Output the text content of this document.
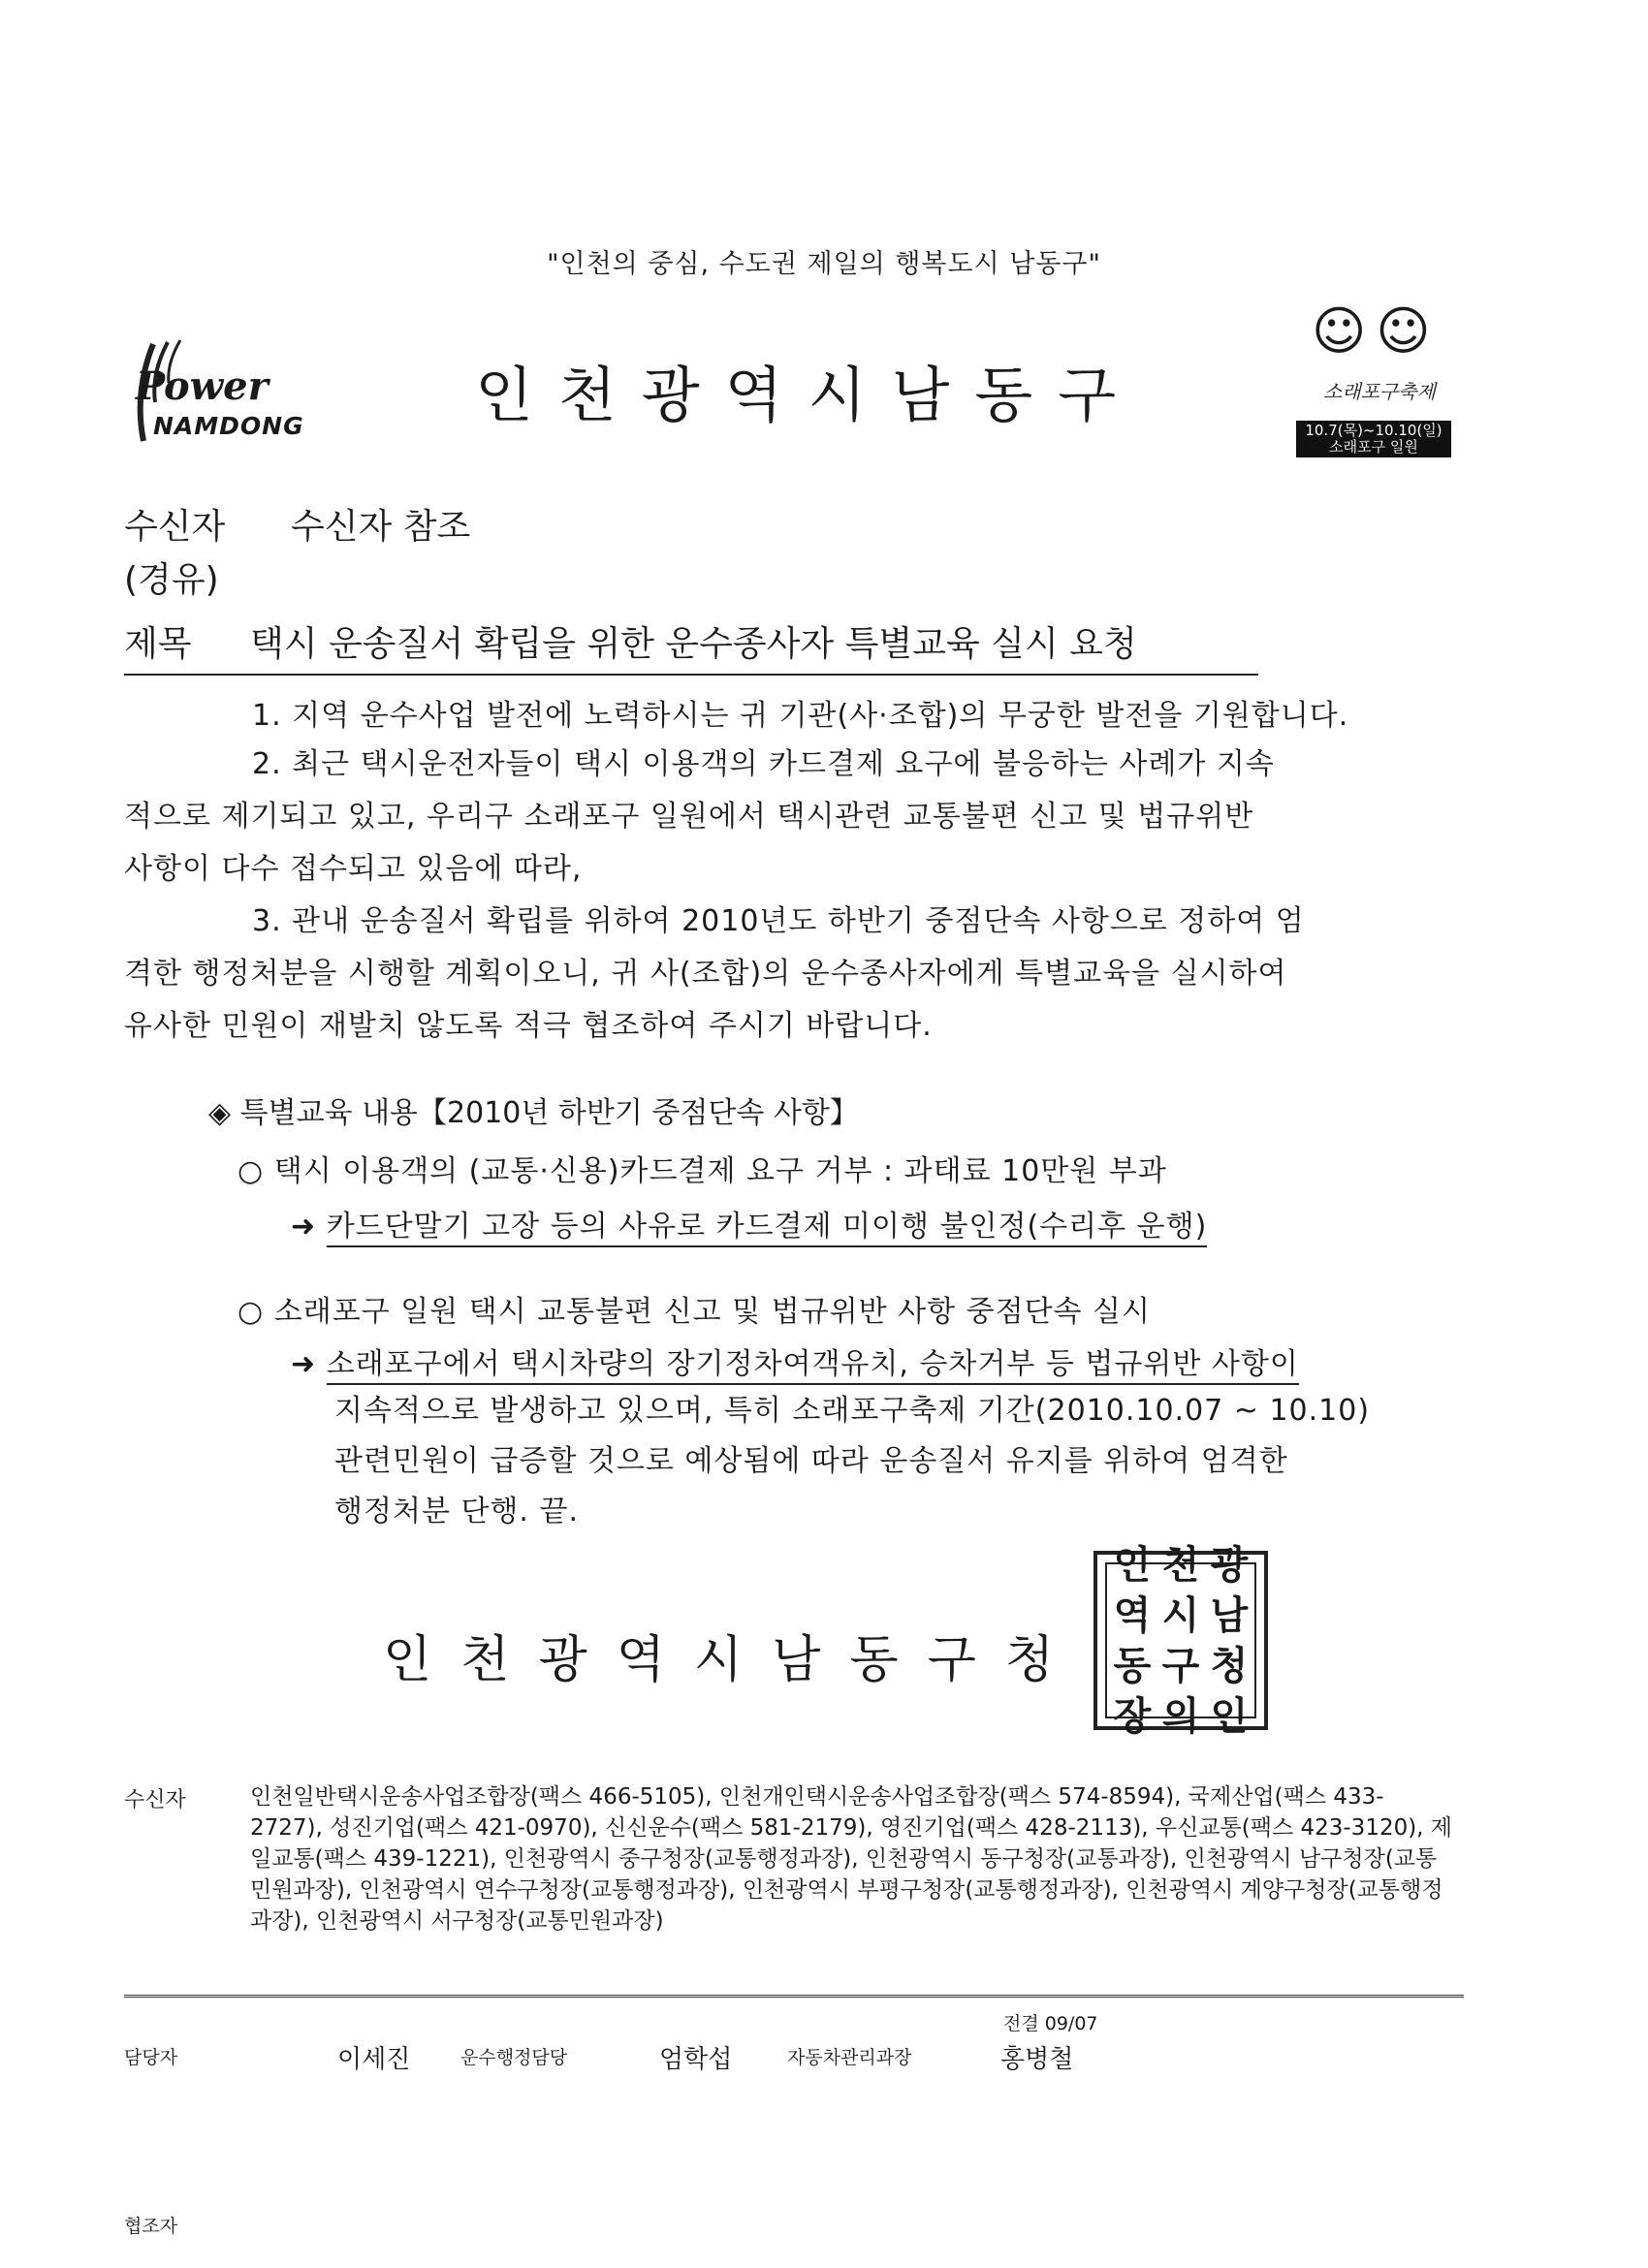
"인천의 중심, 수도권 제일의 행복도시 남동구"
Power
NAMDONG	인천광역시남동구
☺☺
소래포구축제
10.7(목)~10.10(일)
소래포구 일원
수신자 수신자 참조
(경유)
제목 택시 운송질서 확립을 위한 운수종사자 특별교육 실시 요청
1. 지역 운수사업 발전에 노력하시는 귀 기관(사·조합)의 무궁한 발전을 기원합니다.
2. 최근 택시운전자들이 택시 이용객의 카드결제 요구에 불응하는 사례가 지속
적으로 제기되고 있고, 우리구 소래포구 일원에서 택시관련 교통불편 신고 및 법규위반
사항이 다수 접수되고 있음에 따라,
3. 관내 운송질서 확립를 위하여 2010년도 하반기 중점단속 사항으로 정하여 엄
격한 행정처분을 시행할 계획이오니, 귀 사(조합)의 운수종사자에게 특별교육을 실시하여
유사한 민원이 재발치 않도록 적극 협조하여 주시기 바랍니다.
◈ 특별교육 내용【2010년 하반기 중점단속 사항】
○ 택시 이용객의 (교통·신용)카드결제 요구 거부 : 과태료 10만원 부과
➜ 카드단말기 고장 등의 사유로 카드결제 미이행 불인정(수리후 운행)
○ 소래포구 일원 택시 교통불편 신고 및 법규위반 사항 중점단속 실시
➜ 소래포구에서 택시차량의 장기정차여객유치, 승차거부 등 법규위반 사항이
지속적으로 발생하고 있으며, 특히 소래포구축제 기간(2010.10.07 ~ 10.10)
관련민원이 급증할 것으로 예상됨에 따라 운송질서 유지를 위하여 엄격한
행정처분 단행. 끝.
인천광역시남동구청
인 천 광
역 시 남
동 구 청
장 의 인
수신자	인천일반택시운송사업조합장(팩스 466-5105), 인천개인택시운송사업조합장(팩스 574-8594), 국제산업(팩스 433-2727), 성진기업(팩스 421-0970), 신신운수(팩스 581-2179), 영진기업(팩스 428-2113), 우신교통(팩스 423-3120), 제일교통(팩스 439-1221), 인천광역시 중구청장(교통행정과장), 인천광역시 동구청장(교통과장), 인천광역시 남구청장(교통민원과장), 인천광역시 연수구청장(교통행정과장), 인천광역시 부평구청장(교통행정과장), 인천광역시 계양구청장(교통행정과장), 인천광역시 서구청장(교통민원과장)
전결 09/07
담당자	이세진	운수행정담당	엄학섭	자동차관리과장	홍병철
협조자
